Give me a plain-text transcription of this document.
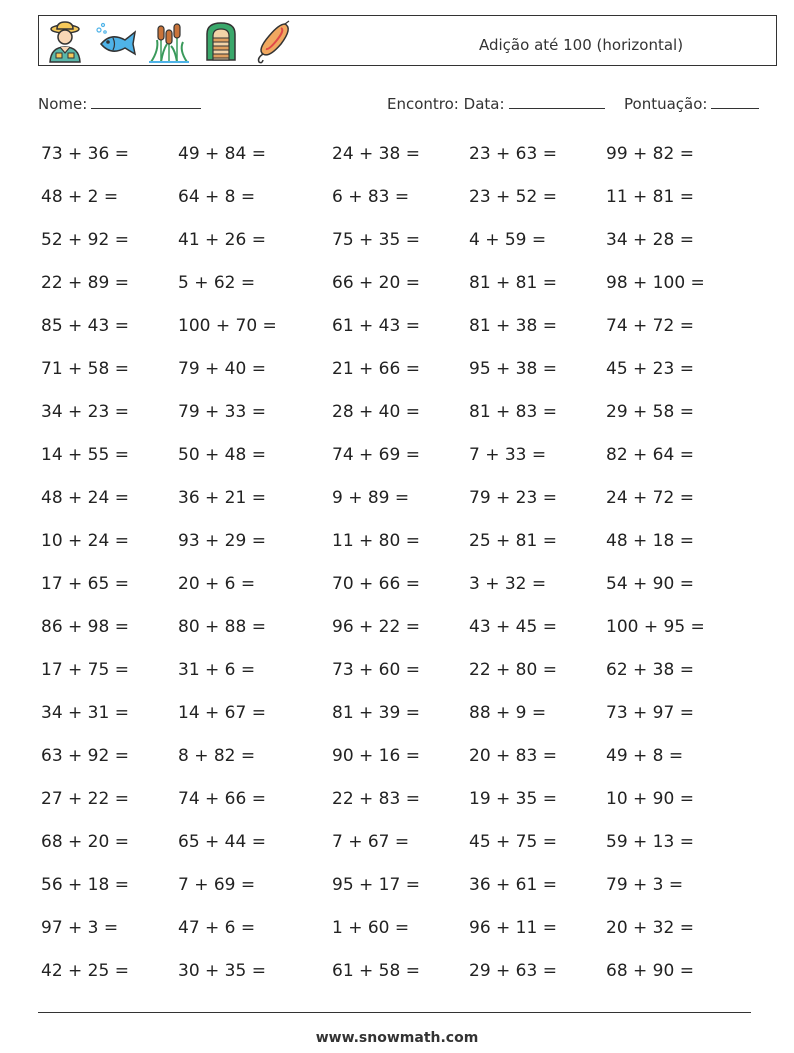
Adição até 100 (horizontal)
Nome:	Encontro: Data:	Pontuação:
73 + 36 =	49 + 84 =	24 + 38 =	23 + 63 =	99 + 82 =
48 + 2 =	64 + 8 =	6 + 83 =	23 + 52 =	11 + 81 =
52 + 92 =	41 + 26 =	75 + 35 =	4 + 59 =	34 + 28 =
22 + 89 =	5 + 62 =	66 + 20 =	81 + 81 =	98 + 100 =
85 + 43 =	100 + 70 =	61 + 43 =	81 + 38 =	74 + 72 =
71 + 58 =	79 + 40 =	21 + 66 =	95 + 38 =	45 + 23 =
34 + 23 =	79 + 33 =	28 + 40 =	81 + 83 =	29 + 58 =
14 + 55 =	50 + 48 =	74 + 69 =	7 + 33 =	82 + 64 =
48 + 24 =	36 + 21 =	9 + 89 =	79 + 23 =	24 + 72 =
10 + 24 =	93 + 29 =	11 + 80 =	25 + 81 =	48 + 18 =
17 + 65 =	20 + 6 =	70 + 66 =	3 + 32 =	54 + 90 =
86 + 98 =	80 + 88 =	96 + 22 =	43 + 45 =	100 + 95 =
17 + 75 =	31 + 6 =	73 + 60 =	22 + 80 =	62 + 38 =
34 + 31 =	14 + 67 =	81 + 39 =	88 + 9 =	73 + 97 =
63 + 92 =	8 + 82 =	90 + 16 =	20 + 83 =	49 + 8 =
27 + 22 =	74 + 66 =	22 + 83 =	19 + 35 =	10 + 90 =
68 + 20 =	65 + 44 =	7 + 67 =	45 + 75 =	59 + 13 =
56 + 18 =	7 + 69 =	95 + 17 =	36 + 61 =	79 + 3 =
97 + 3 =	47 + 6 =	1 + 60 =	96 + 11 =	20 + 32 =
42 + 25 =	30 + 35 =	61 + 58 =	29 + 63 =	68 + 90 =
www.snowmath.com
